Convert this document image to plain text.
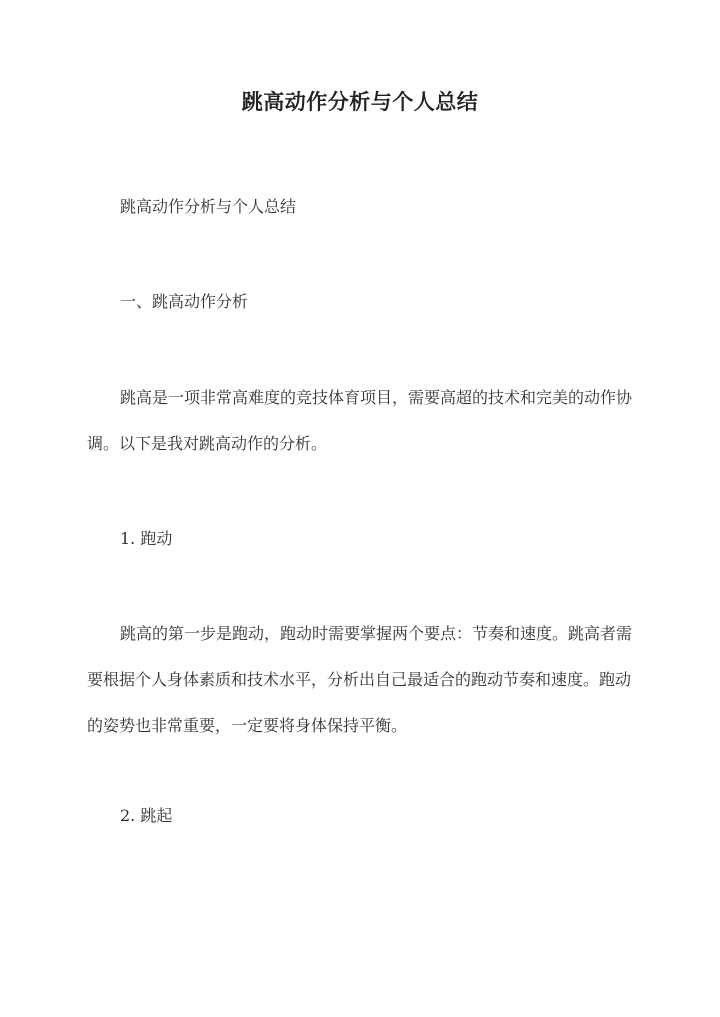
跳高动作分析与个人总结

跳高动作分析与个人总结

一、跳高动作分析

跳高是一项非常高难度的竞技体育项目，需要高超的技术和完美的动作协调。以下是我对跳高动作的分析。

1. 跑动

跳高的第一步是跑动，跑动时需要掌握两个要点：节奏和速度。跳高者需要根据个人身体素质和技术水平，分析出自己最适合的跑动节奏和速度。跑动的姿势也非常重要，一定要将身体保持平衡。

2. 跳起
